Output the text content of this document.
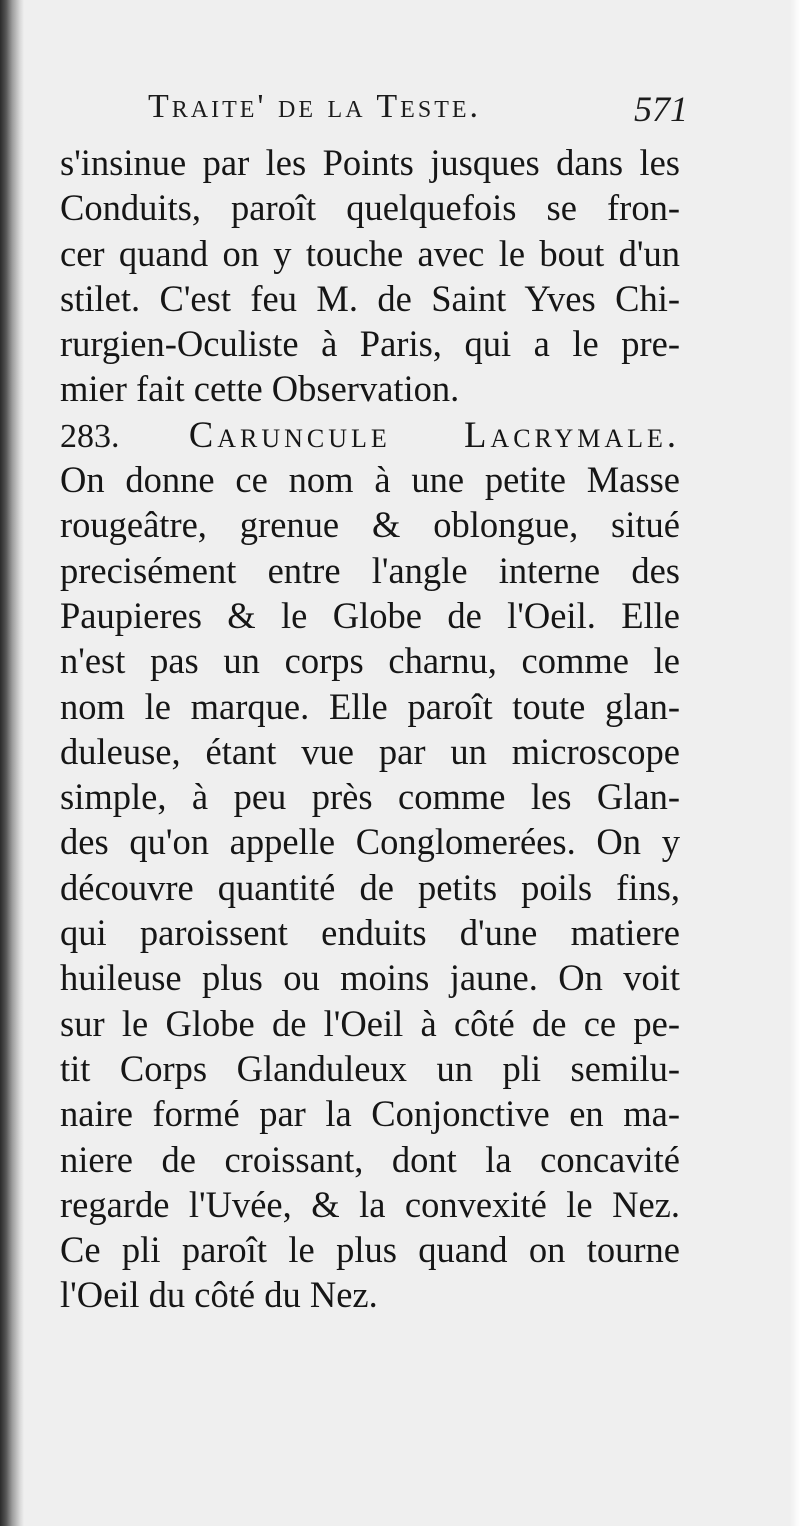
Traite' de la Teste.	571
s'insinue par les Points jusques dans les
Conduits, paroît quelquefois se fron-
cer quand on y touche avec le bout d'un
stilet. C'est feu M. de Saint Yves Chi-
rurgien-Oculiste à Paris, qui a le pre-
mier fait cette Observation.
283. Caruncule Lacrymale.
On donne ce nom à une petite Masse
rougeâtre, grenue & oblongue, situé
precisément entre l'angle interne des
Paupieres & le Globe de l'Oeil. Elle
n'est pas un corps charnu, comme le
nom le marque. Elle paroît toute glan-
duleuse, étant vue par un microscope
simple, à peu près comme les Glan-
des qu'on appelle Conglomerées. On y
découvre quantité de petits poils fins,
qui paroissent enduits d'une matiere
huileuse plus ou moins jaune. On voit
sur le Globe de l'Oeil à côté de ce pe-
tit Corps Glanduleux un pli semilu-
naire formé par la Conjonctive en ma-
niere de croissant, dont la concavité
regarde l'Uvée, & la convexité le Nez.
Ce pli paroît le plus quand on tourne
l'Oeil du côté du Nez.
